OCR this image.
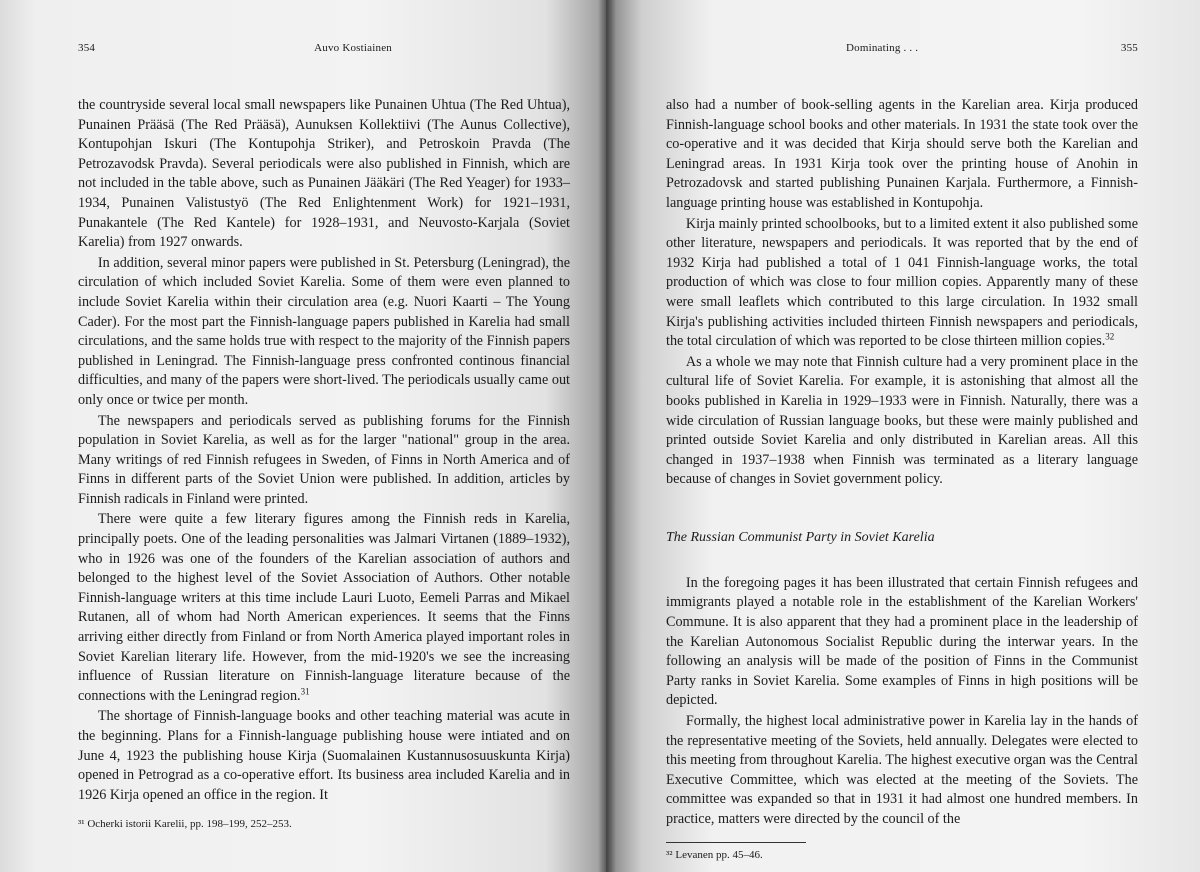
354	Auvo Kostiainen

the countryside several local small newspapers like Punainen Uhtua (The Red Uhtua), Punainen Prääsä (The Red Prääsä), Aunuksen Kollektiivi (The Aunus Collective), Kontupohjan Iskuri (The Kontupohja Striker), and Petroskoin Pravda (The Petrozavodsk Pravda). Several periodicals were also published in Finnish, which are not included in the table above, such as Punainen Jääkäri (The Red Yeager) for 1933–1934, Punainen Valistustyö (The Red Enlightenment Work) for 1921–1931, Punakantele (The Red Kantele) for 1928–1931, and Neuvosto-Karjala (Soviet Karelia) from 1927 onwards.

In addition, several minor papers were published in St. Petersburg (Leningrad), the circulation of which included Soviet Karelia. Some of them were even planned to include Soviet Karelia within their circulation area (e.g. Nuori Kaarti – The Young Cader). For the most part the Finnish-language papers published in Karelia had small circulations, and the same holds true with respect to the majority of the Finnish papers published in Leningrad. The Finnish-language press confronted continous financial difficulties, and many of the papers were short-lived. The periodicals usually came out only once or twice per month.

The newspapers and periodicals served as publishing forums for the Finnish population in Soviet Karelia, as well as for the larger "national" group in the area. Many writings of red Finnish refugees in Sweden, of Finns in North America and of Finns in different parts of the Soviet Union were published. In addition, articles by Finnish radicals in Finland were printed.

There were quite a few literary figures among the Finnish reds in Karelia, principally poets. One of the leading personalities was Jalmari Virtanen (1889–1932), who in 1926 was one of the founders of the Karelian association of authors and belonged to the highest level of the Soviet Association of Authors. Other notable Finnish-language writers at this time include Lauri Luoto, Eemeli Parras and Mikael Rutanen, all of whom had North American experiences. It seems that the Finns arriving either directly from Finland or from North America played important roles in Soviet Karelian literary life. However, from the mid-1920's we see the increasing influence of Russian literature on Finnish-language literature because of the connections with the Leningrad region.$^{31}$

The shortage of Finnish-language books and other teaching material was acute in the beginning. Plans for a Finnish-language publishing house were intiated and on June 4, 1923 the publishing house Kirja (Suomalainen Kustannusosuuskunta Kirja) opened in Petrograd as a co-operative effort. Its business area included Karelia and in 1926 Kirja opened an office in the region. It

³¹ Ocherki istorii Karelii, pp. 198–199, 252–253.
Dominating . . .	355

also had a number of book-selling agents in the Karelian area. Kirja produced Finnish-language school books and other materials. In 1931 the state took over the co-operative and it was decided that Kirja should serve both the Karelian and Leningrad areas. In 1931 Kirja took over the printing house of Anohin in Petrozadovsk and started publishing Punainen Karjala. Furthermore, a Finnish-language printing house was established in Kontupohja.

Kirja mainly printed schoolbooks, but to a limited extent it also published some other literature, newspapers and periodicals. It was reported that by the end of 1932 Kirja had published a total of 1 041 Finnish-language works, the total production of which was close to four million copies. Apparently many of these were small leaflets which contributed to this large circulation. In 1932 small Kirja's publishing activities included thirteen Finnish newspapers and periodicals, the total circulation of which was reported to be close thirteen million copies.$^{32}$

As a whole we may note that Finnish culture had a very prominent place in the cultural life of Soviet Karelia. For example, it is astonishing that almost all the books published in Karelia in 1929–1933 were in Finnish. Naturally, there was a wide circulation of Russian language books, but these were mainly published and printed outside Soviet Karelia and only distributed in Karelian areas. All this changed in 1937–1938 when Finnish was terminated as a literary language because of changes in Soviet government policy.

The Russian Communist Party in Soviet Karelia

In the foregoing pages it has been illustrated that certain Finnish refugees and immigrants played a notable role in the establishment of the Karelian Workers' Commune. It is also apparent that they had a prominent place in the leadership of the Karelian Autonomous Socialist Republic during the interwar years. In the following an analysis will be made of the position of Finns in the Communist Party ranks in Soviet Karelia. Some examples of Finns in high positions will be depicted.

Formally, the highest local administrative power in Karelia lay in the hands of the representative meeting of the Soviets, held annually. Delegates were elected to this meeting from throughout Karelia. The highest executive organ was the Central Executive Committee, which was elected at the meeting of the Soviets. The committee was expanded so that in 1931 it had almost one hundred members. In practice, matters were directed by the council of the

³² Levanen pp. 45–46.
